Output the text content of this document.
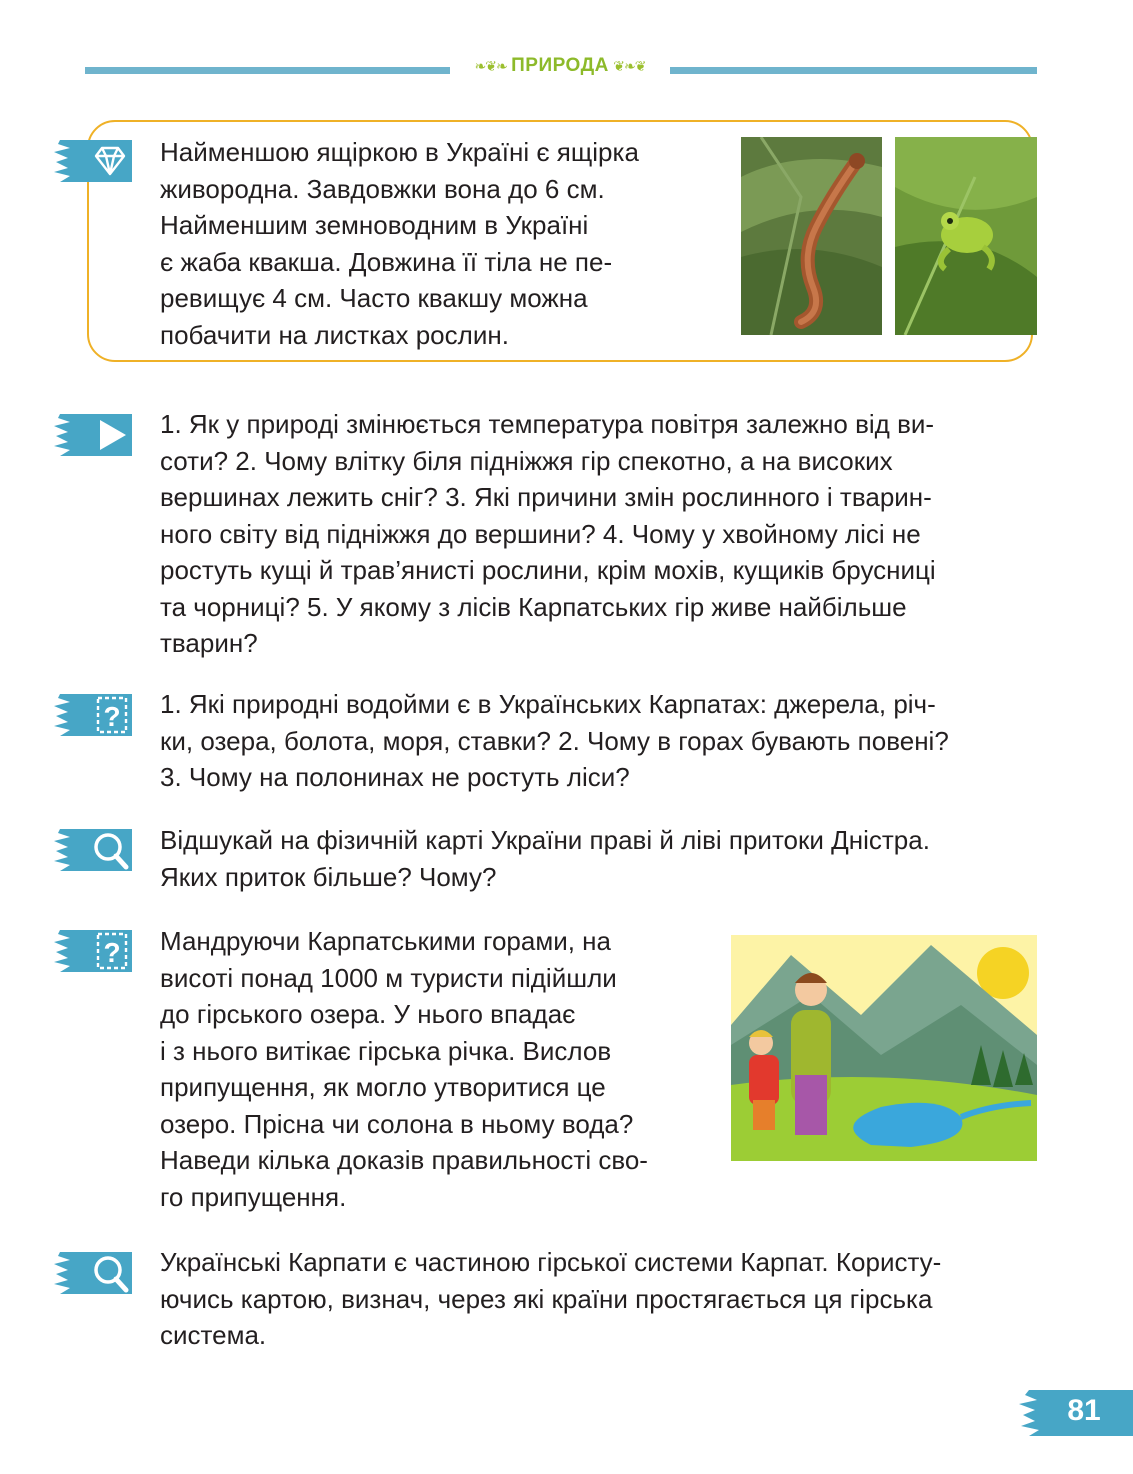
❧❦❧ ПРИРОДА ❦❧❦

Найменшою ящіркою в Україні є ящірка
живородна. Завдовжки вона до 6 см.
Найменшим земноводним в Україні
є жаба квакша. Довжина її тіла не пе-
ревищує 4 см. Часто квакшу можна
побачити на листках рослин.

1. Як у природі змінюється температура повітря залежно від ви-
соти? 2. Чому влітку біля підніжжя гір спекотно, а на високих
вершинах лежить сніг? 3. Які причини змін рослинного і тварин-
ного світу від підніжжя до вершини? 4. Чому у хвойному лісі не
ростуть кущі й трав’янисті рослини, крім мохів, кущиків брусниці
та чорниці? 5. У якому з лісів Карпатських гір живе найбільше
тварин?

? 1. Які природні водойми є в Українських Карпатах: джерела, річ-
ки, озера, болота, моря, ставки? 2. Чому в горах бувають повені?
3. Чому на полонинах не ростуть ліси?

Відшукай на фізичній карті України праві й ліві притоки Дністра.
Яких приток більше? Чому?

? Мандруючи Карпатськими горами, на
висоті понад 1000 м туристи підійшли
до гірського озера. У нього впадає
і з нього витікає гірська річка. Вислов
припущення, як могло утворитися це
озеро. Прісна чи солона в ньому вода?
Наведи кілька доказів правильності сво-
го припущення.

Українські Карпати є частиною гірської системи Карпат. Користу-
ючись картою, визнач, через які країни простягається ця гірська
система.

81
